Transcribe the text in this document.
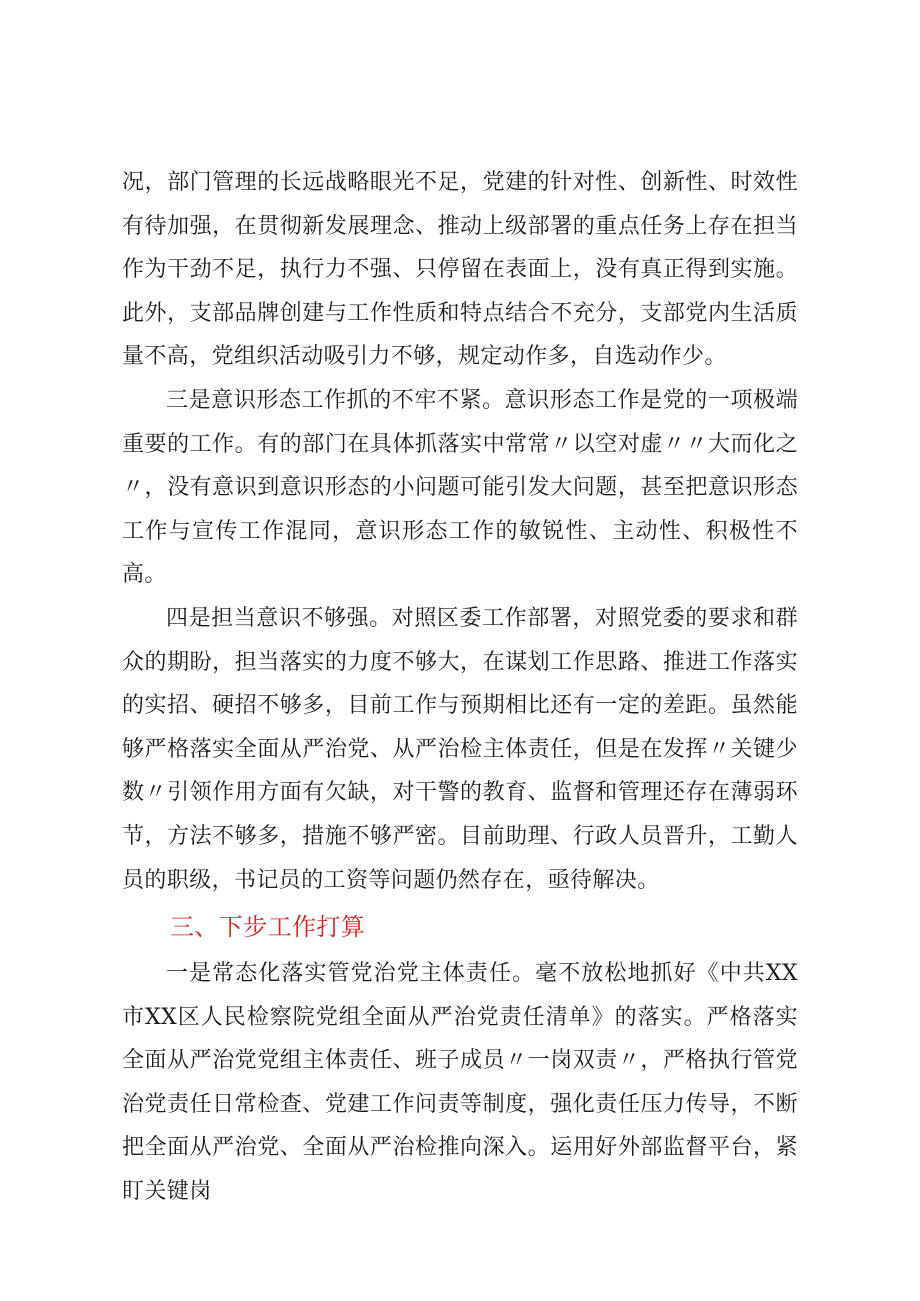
况，部门管理的长远战略眼光不足，党建的针对性、创新性、时效性有待加强，在贯彻新发展理念、推动上级部署的重点任务上存在担当作为干劲不足，执行力不强、只停留在表面上，没有真正得到实施。此外，支部品牌创建与工作性质和特点结合不充分，支部党内生活质量不高，党组织活动吸引力不够，规定动作多，自选动作少。

三是意识形态工作抓的不牢不紧。意识形态工作是党的一项极端重要的工作。有的部门在具体抓落实中常常〃以空对虚〃〃大而化之〃，没有意识到意识形态的小问题可能引发大问题，甚至把意识形态工作与宣传工作混同，意识形态工作的敏锐性、主动性、积极性不高。

四是担当意识不够强。对照区委工作部署，对照党委的要求和群众的期盼，担当落实的力度不够大，在谋划工作思路、推进工作落实的实招、硬招不够多，目前工作与预期相比还有一定的差距。虽然能够严格落实全面从严治党、从严治检主体责任，但是在发挥〃关键少数〃引领作用方面有欠缺，对干警的教育、监督和管理还存在薄弱环节，方法不够多，措施不够严密。目前助理、行政人员晋升，工勤人员的职级，书记员的工资等问题仍然存在，亟待解决。

三、下步工作打算

一是常态化落实管党治党主体责任。毫不放松地抓好《中共XX市XX区人民检察院党组全面从严治党责任清单》的落实。严格落实全面从严治党党组主体责任、班子成员〃一岗双责〃，严格执行管党治党责任日常检查、党建工作问责等制度，强化责任压力传导，不断把全面从严治党、全面从严治检推向深入。运用好外部监督平台，紧盯关键岗
